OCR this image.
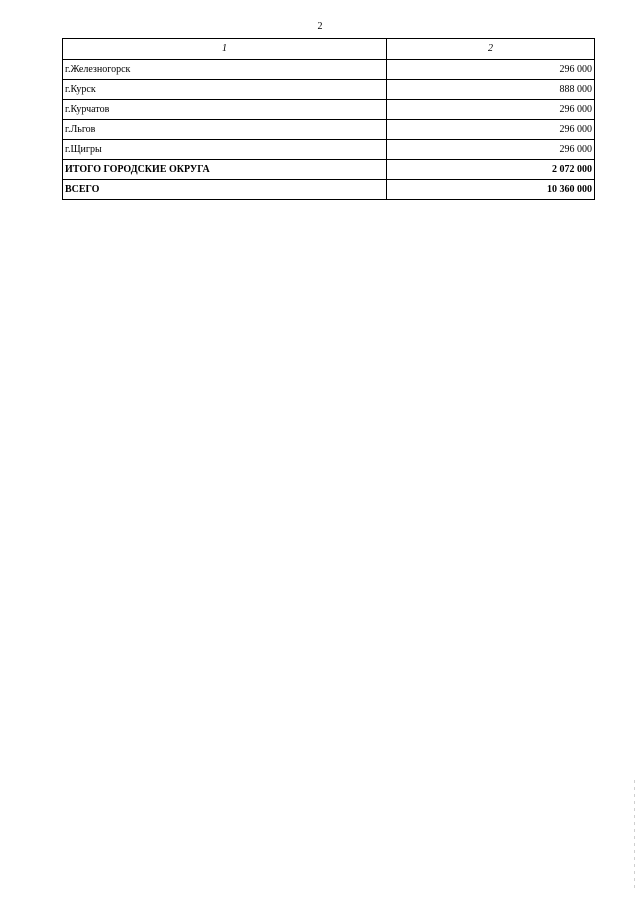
2
1	2
г.Железногорск	296 000
г.Курск	888 000
г.Курчатов	296 000
г.Льгов	296 000
г.Щигры	296 000
ИТОГО ГОРОДСКИЕ ОКРУГА	2 072 000
ВСЕГО	10 360 000
